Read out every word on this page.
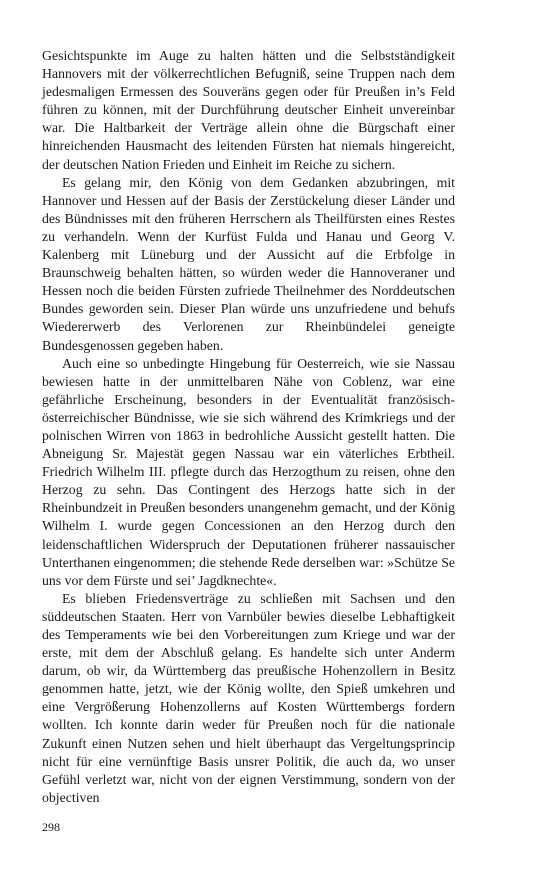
Gesichtspunkte im Auge zu halten hätten und die Selbstständigkeit Hannovers mit der völkerrechtlichen Befugniß, seine Truppen nach dem jedesmaligen Ermessen des Souveräns gegen oder für Preußen in’s Feld führen zu können, mit der Durchführung deutscher Einheit unvereinbar war. Die Haltbarkeit der Verträge allein ohne die Bürgschaft einer hinreichenden Hausmacht des leitenden Fürsten hat niemals hingereicht, der deutschen Nation Frieden und Einheit im Reiche zu sichern.

Es gelang mir, den König von dem Gedanken abzubringen, mit Hannover und Hessen auf der Basis der Zerstückelung dieser Länder und des Bündnisses mit den früheren Herrschern als Theilfürsten eines Restes zu verhandeln. Wenn der Kurfüst Fulda und Hanau und Georg V. Kalenberg mit Lüneburg und der Aussicht auf die Erbfolge in Braunschweig behalten hätten, so würden weder die Hannoveraner und Hessen noch die beiden Fürsten zufriede Theilnehmer des Norddeutschen Bundes geworden sein. Dieser Plan würde uns unzufriedene und behufs Wiedererwerb des Verlorenen zur Rheinbündelei geneigte Bundesgenossen gegeben haben.

Auch eine so unbedingte Hingebung für Oesterreich, wie sie Nassau bewiesen hatte in der unmittelbaren Nähe von Coblenz, war eine gefährliche Erscheinung, besonders in der Eventualität französisch-österreichischer Bündnisse, wie sie sich während des Krimkriegs und der polnischen Wirren von 1863 in bedrohliche Aussicht gestellt hatten. Die Abneigung Sr. Majestät gegen Nassau war ein väterliches Erbtheil. Friedrich Wilhelm III. pflegte durch das Herzogthum zu reisen, ohne den Herzog zu sehn. Das Contingent des Herzogs hatte sich in der Rheinbundzeit in Preußen besonders unangenehm gemacht, und der König Wilhelm I. wurde gegen Concessionen an den Herzog durch den leidenschaftlichen Widerspruch der Deputationen früherer nassauischer Unterthanen eingenommen; die stehende Rede derselben war: »Schütze Se uns vor dem Fürste und sei’ Jagdknechte«.

Es blieben Friedensverträge zu schließen mit Sachsen und den süddeutschen Staaten. Herr von Varnbüler bewies dieselbe Lebhaftigkeit des Temperaments wie bei den Vorbereitungen zum Kriege und war der erste, mit dem der Abschluß gelang. Es handelte sich unter Anderm darum, ob wir, da Württemberg das preußische Hohenzollern in Besitz genommen hatte, jetzt, wie der König wollte, den Spieß umkehren und eine Vergrößerung Hohenzollerns auf Kosten Württembergs fordern wollten. Ich konnte darin weder für Preußen noch für die nationale Zukunft einen Nutzen sehen und hielt überhaupt das Vergeltungsprincip nicht für eine vernünftige Basis unsrer Politik, die auch da, wo unser Gefühl verletzt war, nicht von der eignen Verstimmung, sondern von der objectiven

298
